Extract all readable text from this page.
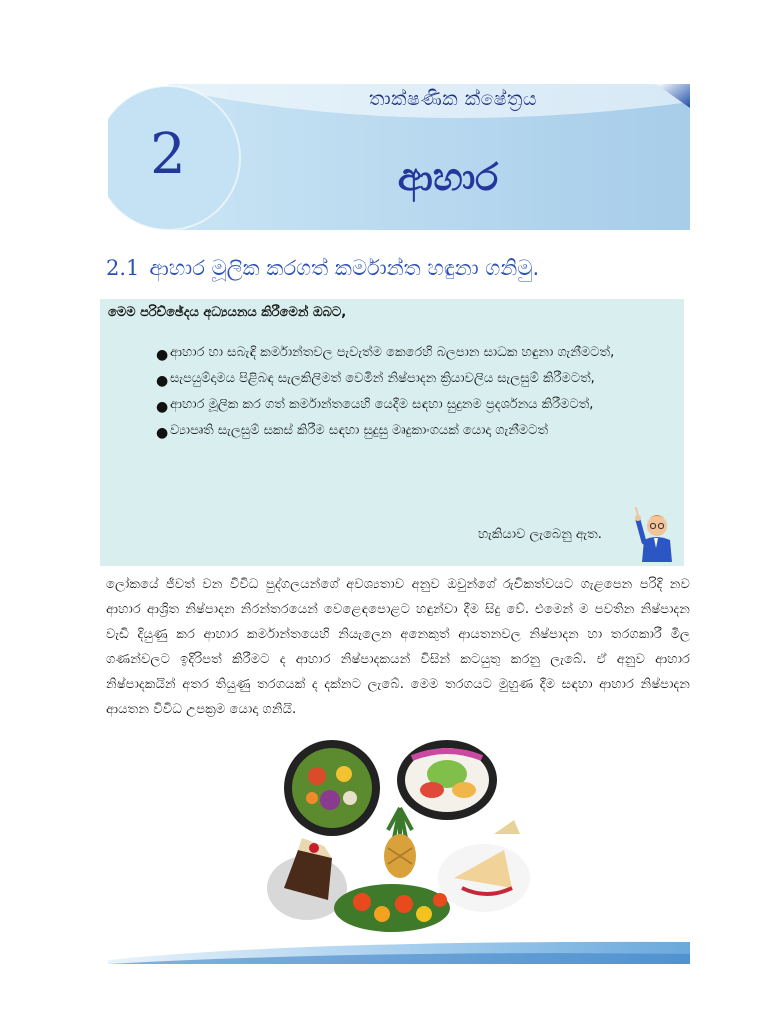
තාක්ෂණික ක්ෂේත්‍රය
2	ආහාර
2.1 ආහාර මූලික කරගත් කර්මාන්ත හඳුනා ගනිමු.
මෙම පරිච්ඡේදය අධ්‍යයනය කිරීමෙන් ඔබට,
● ආහාර හා සබැඳි කර්මාන්තවල පැවැත්ම කෙරෙහි බලපාන සාධක හඳුනා ගැනීමටත්,
● සැපයුම්දාමය පිළිබඳ සැලකිලිමත් වෙමින් නිෂ්පාදන ක්‍රියාවලිය සැලසුම් කිරීමටත්,
● ආහාර මූලික කර ගත් කර්මාන්තයෙහි යෙදීම සඳහා සුදුනම ප්‍රදර්ශනය කිරීමටත්,
● ව්‍යාපෘති සැලසුම් සකස් කිරීම සඳහා සුදුසු මෘදුකාංගයක් යොදා ගැනීමටත්
හැකියාව ලැබෙනු ඇත.

ලෝකයේ ජීවත් වන විවිධ පුද්ගලයන්ගේ අවශ්‍යතාව අනුව ඔවුන්ගේ රුචිකත්වයට ගැළපෙන පරිදි නව ආහාර ආශ්‍රිත නිෂ්පාදන නිරන්තරයෙන් වෙළෙඳපොළට හඳුන්වා දීම සිදු වේ. එමෙන් ම පවතින නිෂ්පාදන වැඩි දියුණු කර ආහාර කර්මාන්තයෙහි නියැලෙන අනෙකුත් ආයතනවල නිෂ්පාදන හා තරගකාරී මිල ගණන්වලට ඉදිරිපත් කිරීමට ද ආහාර නිෂ්පාදකයන් විසින් කටයුතු කරනු ලැබේ. ඒ අනුව ආහාර නිෂ්පාදකයින් අතර තියුණු තරගයක් ද දක්නට ලැබේ. මෙම තරගයට මුහුණ දීම සඳහා ආහාර නිෂ්පාදන ආයතන විවිධ උපක්‍රම යොදා ගනියි.
